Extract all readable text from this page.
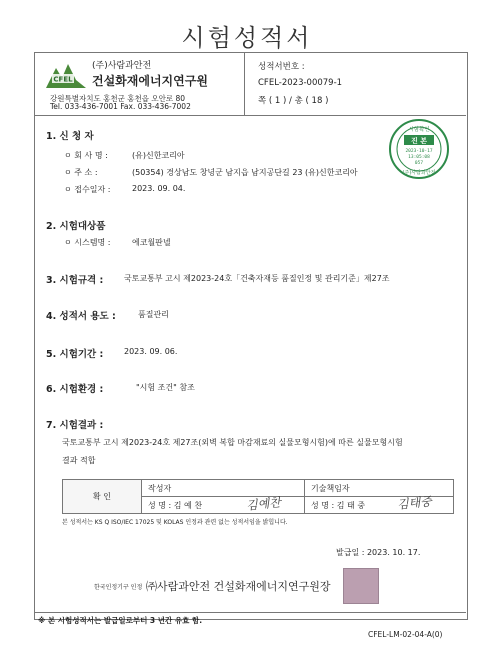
시험성적서
CFEL
(주)사람과안전
건설화재에너지연구원
강원특별자치도 홍천군 홍천읍 오안로 80
Tel. 033-436-7001 Fax. 033-436-7002
성적서번호 :
CFEL-2023-00079-1
쪽 ( 1 ) / 총 ( 18 )
시험확인
진 본
2023-10-17
13:05:08
057
(주)사람과안전
1. 신 청 자
ㅇ 회 사 명 :	(유)신한코리아
ㅇ 주 소 :	(50354) 경상남도 창녕군 남지읍 남지공단길 23 (유)신한코리아
ㅇ 접수일자 :	2023. 09. 04.
2. 시험대상품
ㅇ 시스템명 :	에코월판넬
3. 시험규격 :	국토교통부 고시 제2023-24호「건축자재등 품질인정 및 관리기준」제27조
4. 성적서 용도 :	품질관리
5. 시험기간 :	2023. 09. 06.
6. 시험환경 :	"시험 조건" 참조
7. 시험결과 :
국토교통부 고시 제2023-24호 제27조(외벽 복합 마감재료의 실물모형시험)에 따른 실물모형시험
결과 적합
확 인	작성자	기술책임자
	성 명 : 김 예 찬 김예찬	성 명 : 김 태 중 김태중
본 성적서는 KS Q ISO/IEC 17025 및 KOLAS 인정과 관련 없는 성적서임을 밝힙니다.
발급일 : 2023. 10. 17.
한국인정기구 인정 ㈜사람과안전 건설화재에너지연구원장
※ 본 시험성적서는 발급일로부터 3 년간 유효 함.
CFEL-LM-02-04-A(0)
